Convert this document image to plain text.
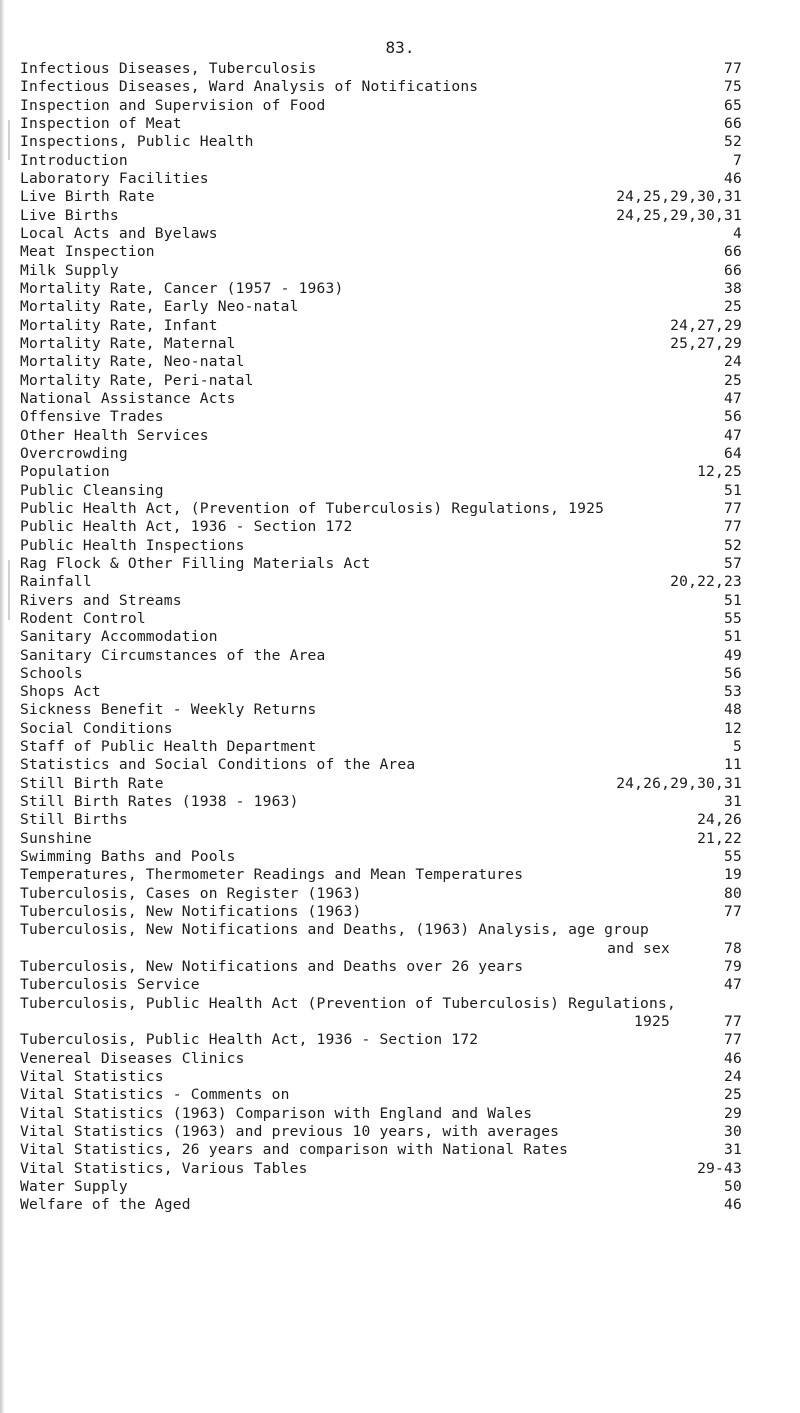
83.
Infectious Diseases, Tuberculosis	77
Infectious Diseases, Ward Analysis of Notifications	75
Inspection and Supervision of Food	65
Inspection of Meat	66
Inspections, Public Health	52
Introduction	7
Laboratory Facilities	46
Live Birth Rate	24,25,29,30,31
Live Births	24,25,29,30,31
Local Acts and Byelaws	4
Meat Inspection	66
Milk Supply	66
Mortality Rate, Cancer (1957 - 1963)	38
Mortality Rate, Early Neo-natal	25
Mortality Rate, Infant	24,27,29
Mortality Rate, Maternal	25,27,29
Mortality Rate, Neo-natal	24
Mortality Rate, Peri-natal	25
National Assistance Acts	47
Offensive Trades	56
Other Health Services	47
Overcrowding	64
Population	12,25
Public Cleansing	51
Public Health Act, (Prevention of Tuberculosis) Regulations, 1925	77
Public Health Act, 1936 - Section 172	77
Public Health Inspections	52
Rag Flock & Other Filling Materials Act	57
Rainfall	20,22,23
Rivers and Streams	51
Rodent Control	55
Sanitary Accommodation	51
Sanitary Circumstances of the Area	49
Schools	56
Shops Act	53
Sickness Benefit - Weekly Returns	48
Social Conditions	12
Staff of Public Health Department	5
Statistics and Social Conditions of the Area	11
Still Birth Rate	24,26,29,30,31
Still Birth Rates (1938 - 1963)	31
Still Births	24,26
Sunshine	21,22
Swimming Baths and Pools	55
Temperatures, Thermometer Readings and Mean Temperatures	19
Tuberculosis, Cases on Register (1963)	80
Tuberculosis, New Notifications (1963)	77
Tuberculosis, New Notifications and Deaths, (1963) Analysis, age group
and sex	78
Tuberculosis, New Notifications and Deaths over 26 years	79
Tuberculosis Service	47
Tuberculosis, Public Health Act (Prevention of Tuberculosis) Regulations,
1925	77
Tuberculosis, Public Health Act, 1936 - Section 172	77
Venereal Diseases Clinics	46
Vital Statistics	24
Vital Statistics - Comments on	25
Vital Statistics (1963) Comparison with England and Wales	29
Vital Statistics (1963) and previous 10 years, with averages	30
Vital Statistics, 26 years and comparison with National Rates	31
Vital Statistics, Various Tables	29-43
Water Supply	50
Welfare of the Aged	46
